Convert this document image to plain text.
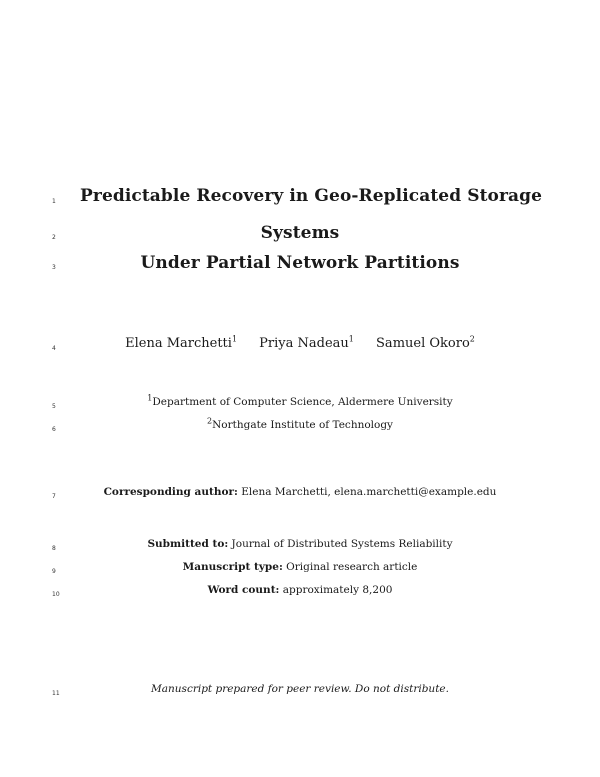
1	Predictable Recovery in Geo-Replicated Storage
2	Systems
3	Under Partial Network Partitions
4	Elena Marchetti$^1$ Priya Nadeau$^1$ Samuel Okoro$^2$
5
$^1$Department of Computer Science, Aldermere University
6
$^2$Northgate Institute of Technology
7	Corresponding author: Elena Marchetti, elena.marchetti@example.edu
8	Submitted to: Journal of Distributed Systems Reliability
9	Manuscript type: Original research article
10	Word count: approximately 8,200
11	Manuscript prepared for peer review. Do not distribute.
